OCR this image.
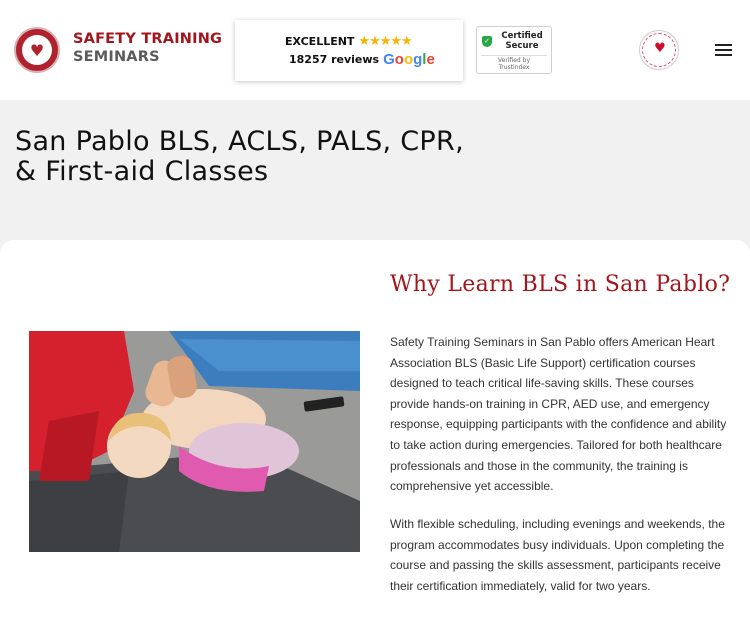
♥
SAFETY TRAINING
SEMINARS
EXCELLENT ★★★★★
18257 reviews Google
✓	Certified
Secure
Verified by
Trustindex
♥
San Pablo BLS, ACLS, PALS, CPR,
& First-aid Classes
Why Learn BLS in San Pablo?

Safety Training Seminars in San Pablo offers American Heart Association BLS (Basic Life Support) certification courses designed to teach critical life-saving skills. These courses provide hands-on training in CPR, AED use, and emergency response, equipping participants with the confidence and ability to take action during emergencies. Tailored for both healthcare professionals and those in the community, the training is comprehensive yet accessible.

With flexible scheduling, including evenings and weekends, the program accommodates busy individuals. Upon completing the course and passing the skills assessment, participants receive their certification immediately, valid for two years.
